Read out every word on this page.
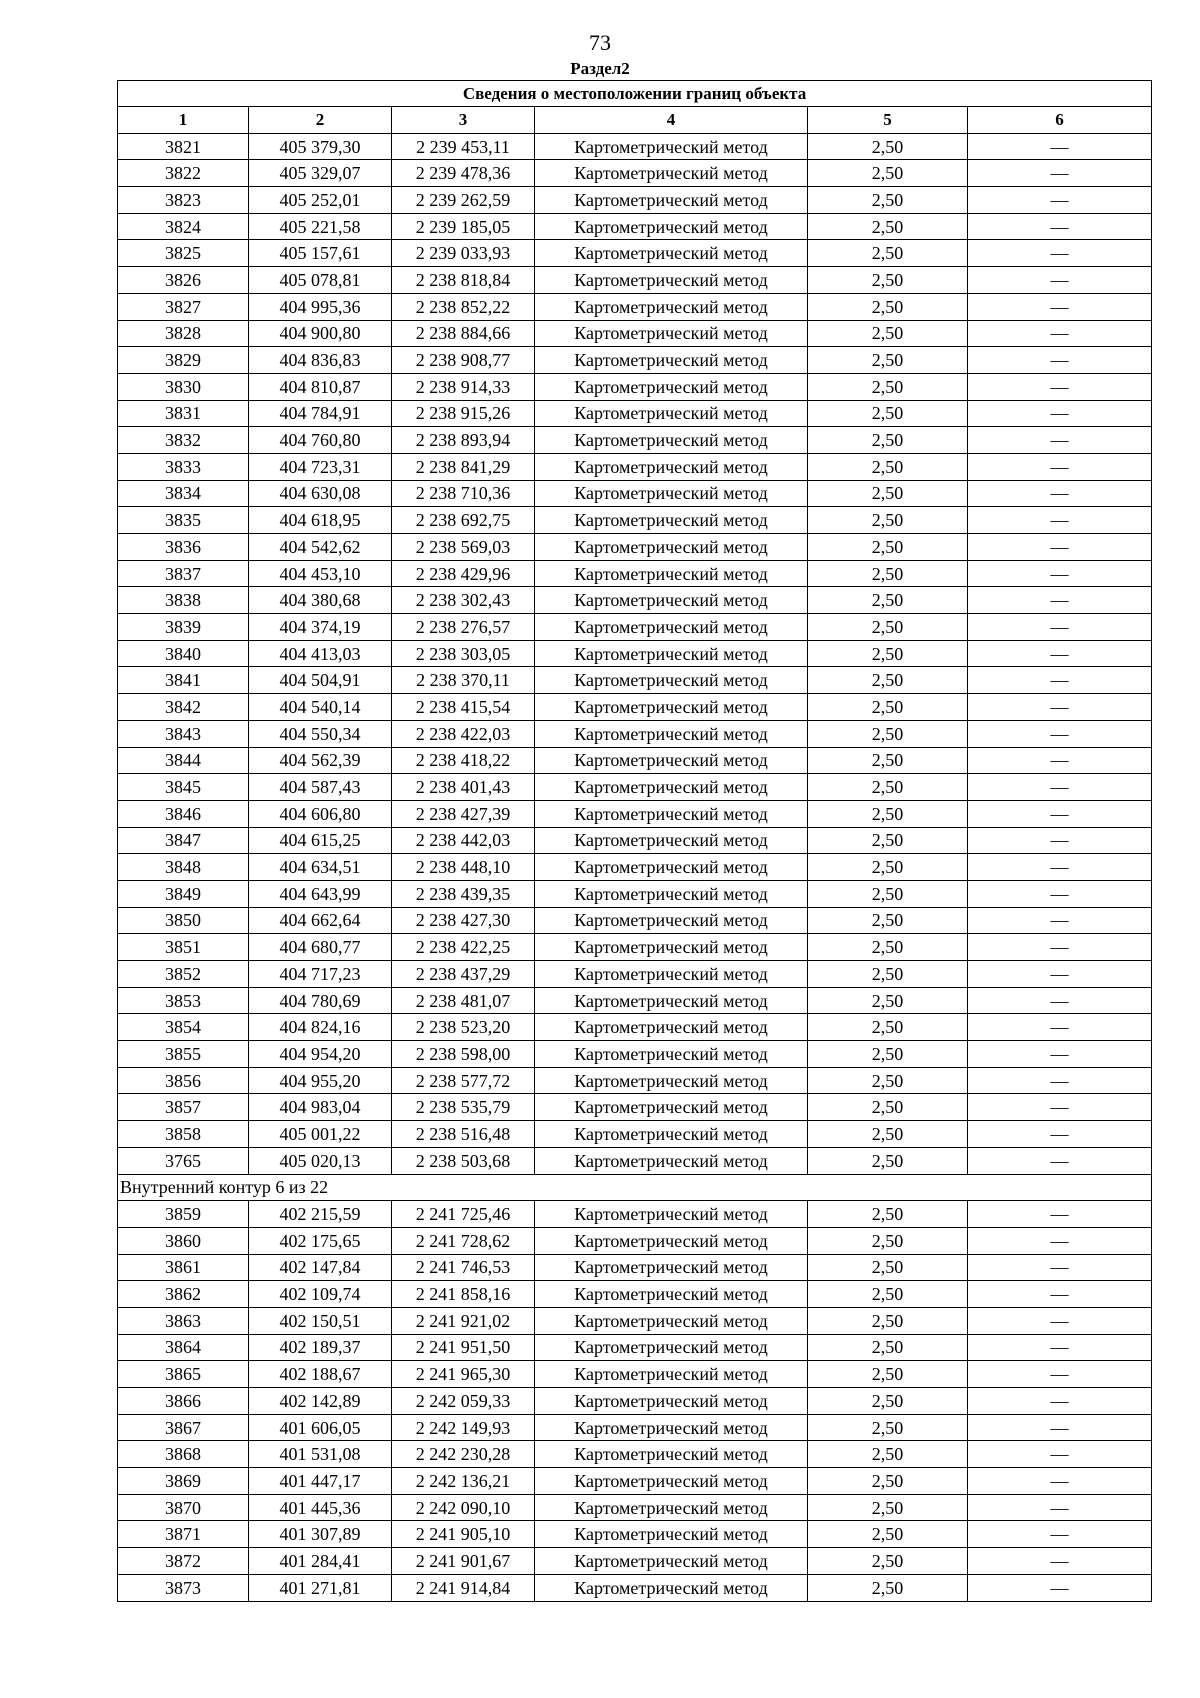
73
Раздел2
Сведения о местоположении границ объекта					
1	2	3	4	5	6
3821	405 379,30	2 239 453,11	Картометрический метод	2,50	—
3822	405 329,07	2 239 478,36	Картометрический метод	2,50	—
3823	405 252,01	2 239 262,59	Картометрический метод	2,50	—
3824	405 221,58	2 239 185,05	Картометрический метод	2,50	—
3825	405 157,61	2 239 033,93	Картометрический метод	2,50	—
3826	405 078,81	2 238 818,84	Картометрический метод	2,50	—
3827	404 995,36	2 238 852,22	Картометрический метод	2,50	—
3828	404 900,80	2 238 884,66	Картометрический метод	2,50	—
3829	404 836,83	2 238 908,77	Картометрический метод	2,50	—
3830	404 810,87	2 238 914,33	Картометрический метод	2,50	—
3831	404 784,91	2 238 915,26	Картометрический метод	2,50	—
3832	404 760,80	2 238 893,94	Картометрический метод	2,50	—
3833	404 723,31	2 238 841,29	Картометрический метод	2,50	—
3834	404 630,08	2 238 710,36	Картометрический метод	2,50	—
3835	404 618,95	2 238 692,75	Картометрический метод	2,50	—
3836	404 542,62	2 238 569,03	Картометрический метод	2,50	—
3837	404 453,10	2 238 429,96	Картометрический метод	2,50	—
3838	404 380,68	2 238 302,43	Картометрический метод	2,50	—
3839	404 374,19	2 238 276,57	Картометрический метод	2,50	—
3840	404 413,03	2 238 303,05	Картометрический метод	2,50	—
3841	404 504,91	2 238 370,11	Картометрический метод	2,50	—
3842	404 540,14	2 238 415,54	Картометрический метод	2,50	—
3843	404 550,34	2 238 422,03	Картометрический метод	2,50	—
3844	404 562,39	2 238 418,22	Картометрический метод	2,50	—
3845	404 587,43	2 238 401,43	Картометрический метод	2,50	—
3846	404 606,80	2 238 427,39	Картометрический метод	2,50	—
3847	404 615,25	2 238 442,03	Картометрический метод	2,50	—
3848	404 634,51	2 238 448,10	Картометрический метод	2,50	—
3849	404 643,99	2 238 439,35	Картометрический метод	2,50	—
3850	404 662,64	2 238 427,30	Картометрический метод	2,50	—
3851	404 680,77	2 238 422,25	Картометрический метод	2,50	—
3852	404 717,23	2 238 437,29	Картометрический метод	2,50	—
3853	404 780,69	2 238 481,07	Картометрический метод	2,50	—
3854	404 824,16	2 238 523,20	Картометрический метод	2,50	—
3855	404 954,20	2 238 598,00	Картометрический метод	2,50	—
3856	404 955,20	2 238 577,72	Картометрический метод	2,50	—
3857	404 983,04	2 238 535,79	Картометрический метод	2,50	—
3858	405 001,22	2 238 516,48	Картометрический метод	2,50	—
3765	405 020,13	2 238 503,68	Картометрический метод	2,50	—
Внутренний контур 6 из 22					
3859	402 215,59	2 241 725,46	Картометрический метод	2,50	—
3860	402 175,65	2 241 728,62	Картометрический метод	2,50	—
3861	402 147,84	2 241 746,53	Картометрический метод	2,50	—
3862	402 109,74	2 241 858,16	Картометрический метод	2,50	—
3863	402 150,51	2 241 921,02	Картометрический метод	2,50	—
3864	402 189,37	2 241 951,50	Картометрический метод	2,50	—
3865	402 188,67	2 241 965,30	Картометрический метод	2,50	—
3866	402 142,89	2 242 059,33	Картометрический метод	2,50	—
3867	401 606,05	2 242 149,93	Картометрический метод	2,50	—
3868	401 531,08	2 242 230,28	Картометрический метод	2,50	—
3869	401 447,17	2 242 136,21	Картометрический метод	2,50	—
3870	401 445,36	2 242 090,10	Картометрический метод	2,50	—
3871	401 307,89	2 241 905,10	Картометрический метод	2,50	—
3872	401 284,41	2 241 901,67	Картометрический метод	2,50	—
3873	401 271,81	2 241 914,84	Картометрический метод	2,50	—
